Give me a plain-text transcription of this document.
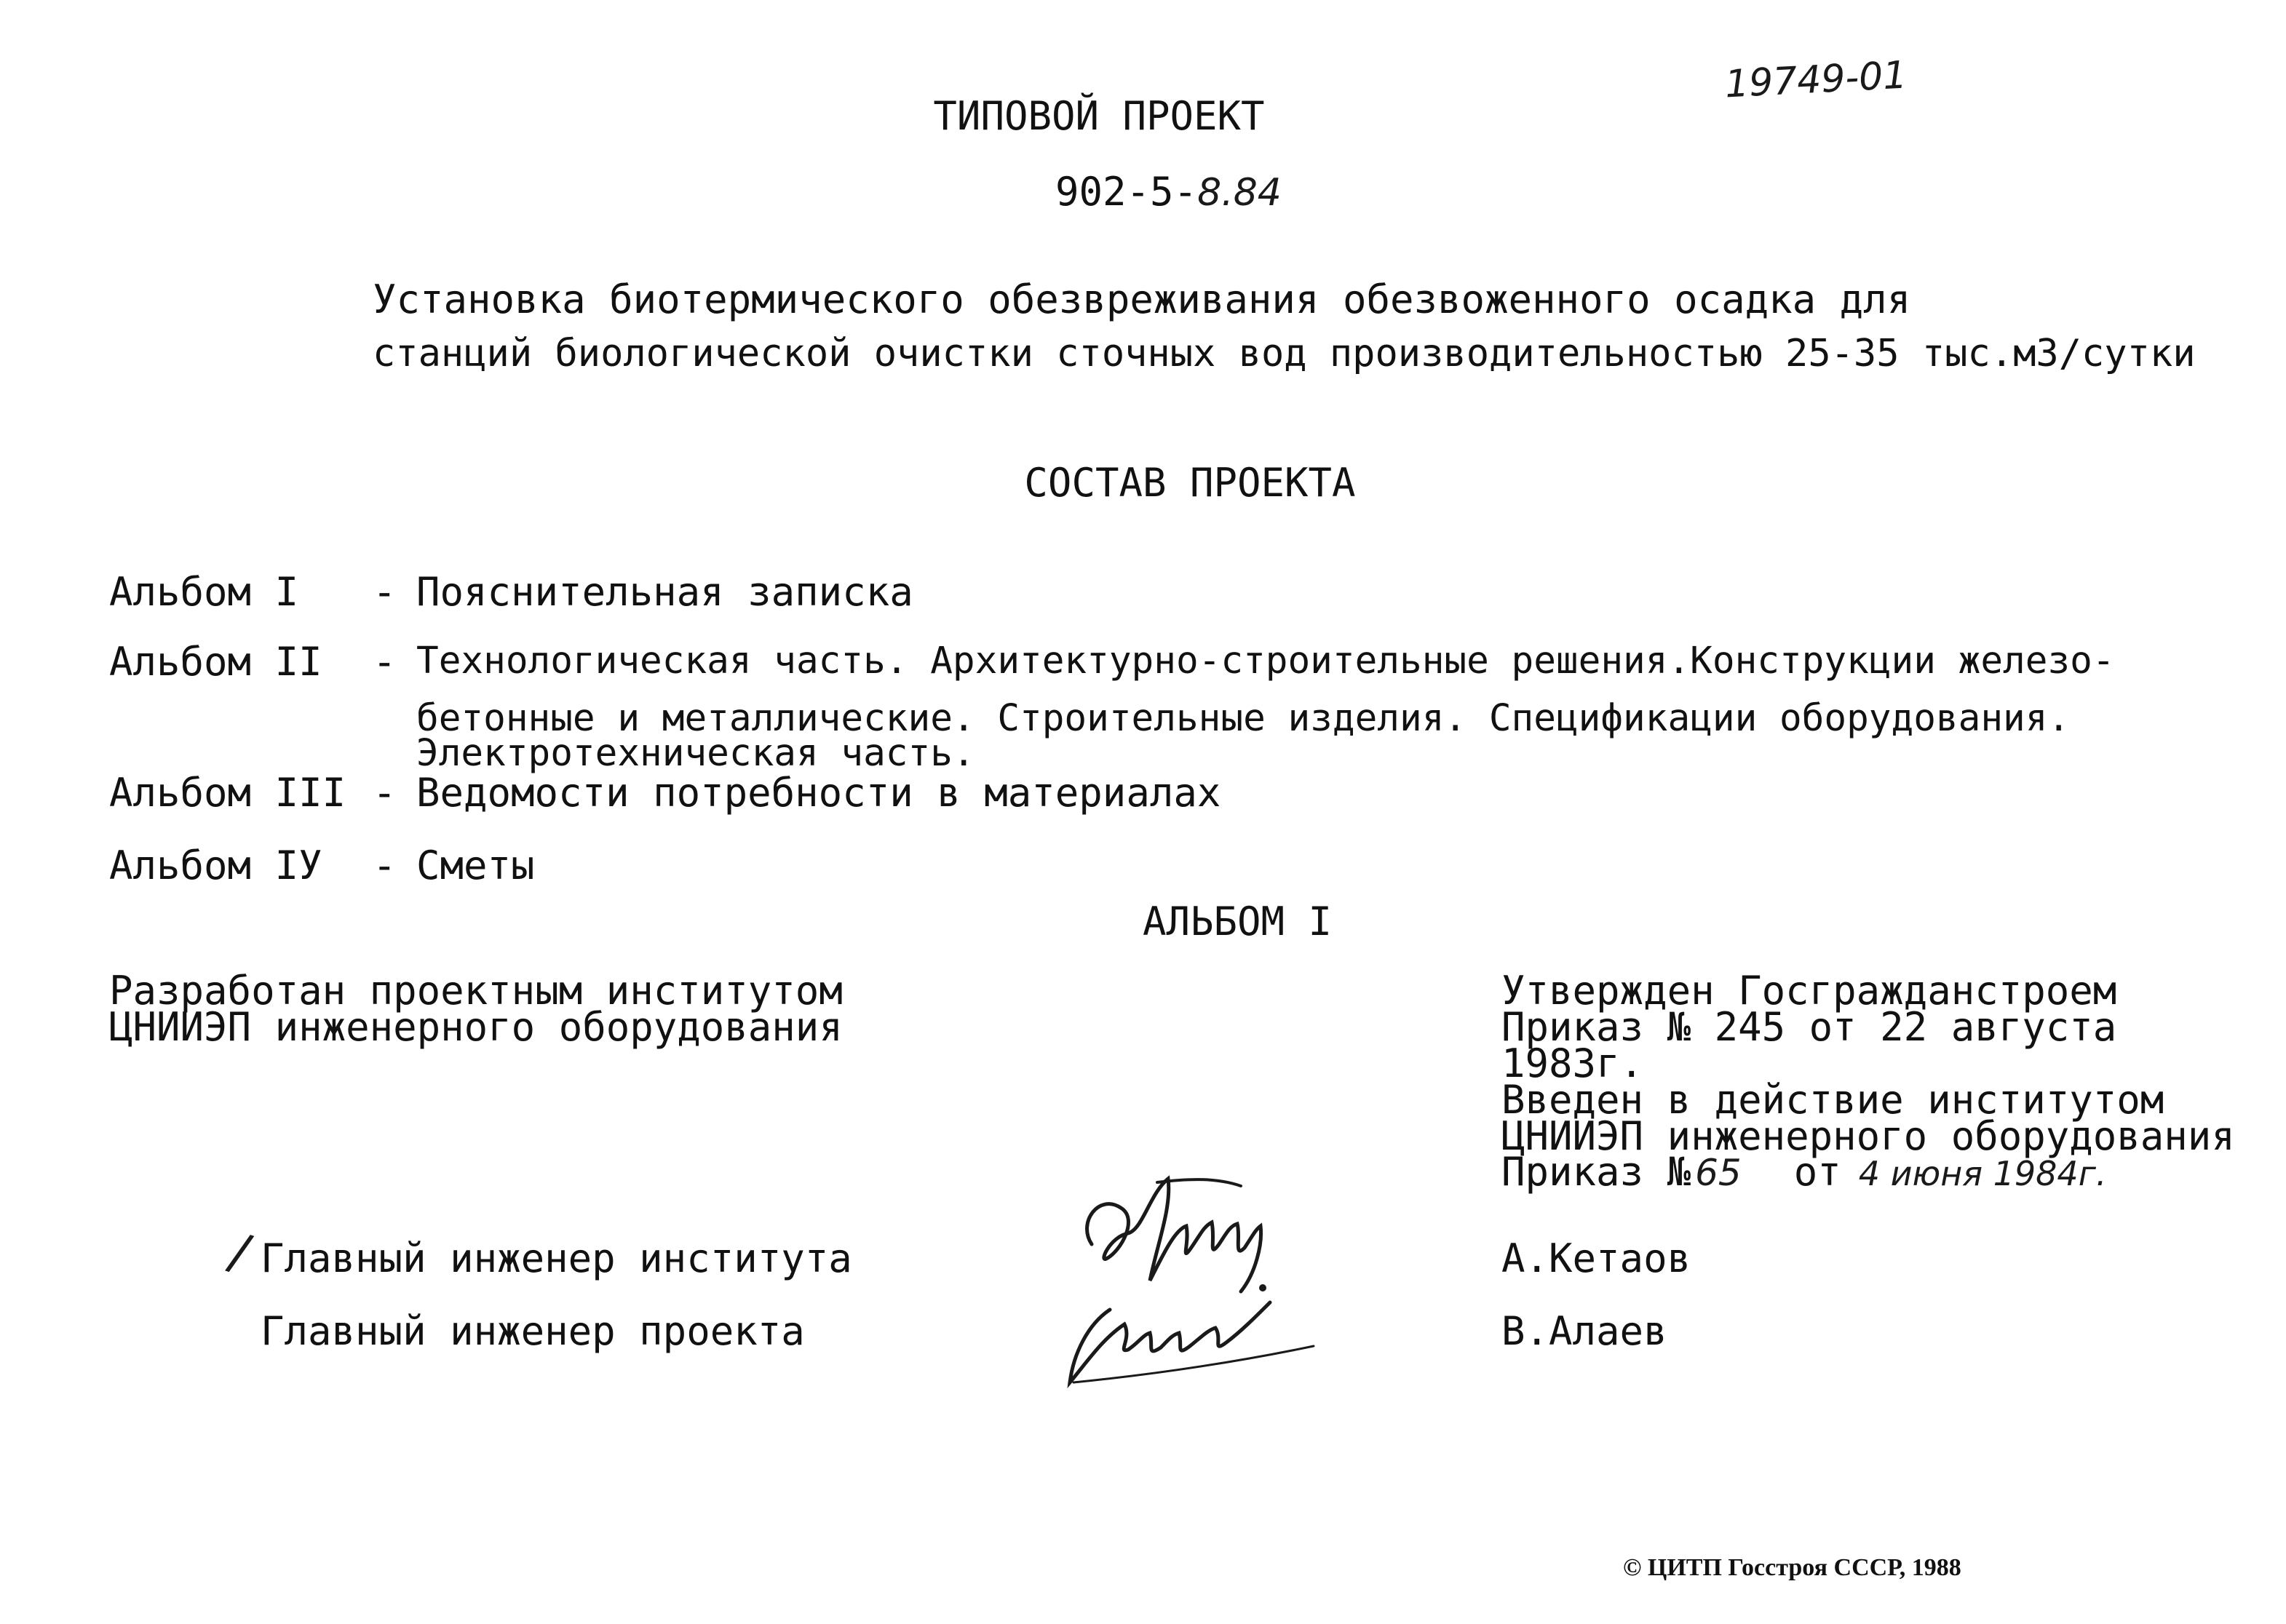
19749-01
ТИПОВОЙ ПРОЕКТ
902-5-8.84
Установка биотермического обезвреживания обезвоженного осадка для
станций биологической очистки сточных вод производительностью 25-35 тыс.м3/сутки
СОСТАВ ПРОЕКТА
Альбом I - Пояснительная записка
Альбом II - Технологическая часть. Архитектурно-строительные решения.Конструкции железо-
бетонные и металлические. Строительные изделия. Спецификации оборудования.
Электротехническая часть.
Альбом III - Ведомости потребности в материалах
Альбом IУ - Сметы
АЛЬБОМ I
Разработан проектным институтом
ЦНИИЭП инженерного оборудования
Утвержден Госгражданстроем
Приказ № 245 от 22 августа
1983г.
Введен в действие институтом
ЦНИИЭП инженерного оборудования
Приказ № 65 от 4 июня 1984г.
/ Главный инженер института	А.Кетаов
Главный инженер проекта	В.Алаев
© ЦИТП Госстроя СССР, 1988
